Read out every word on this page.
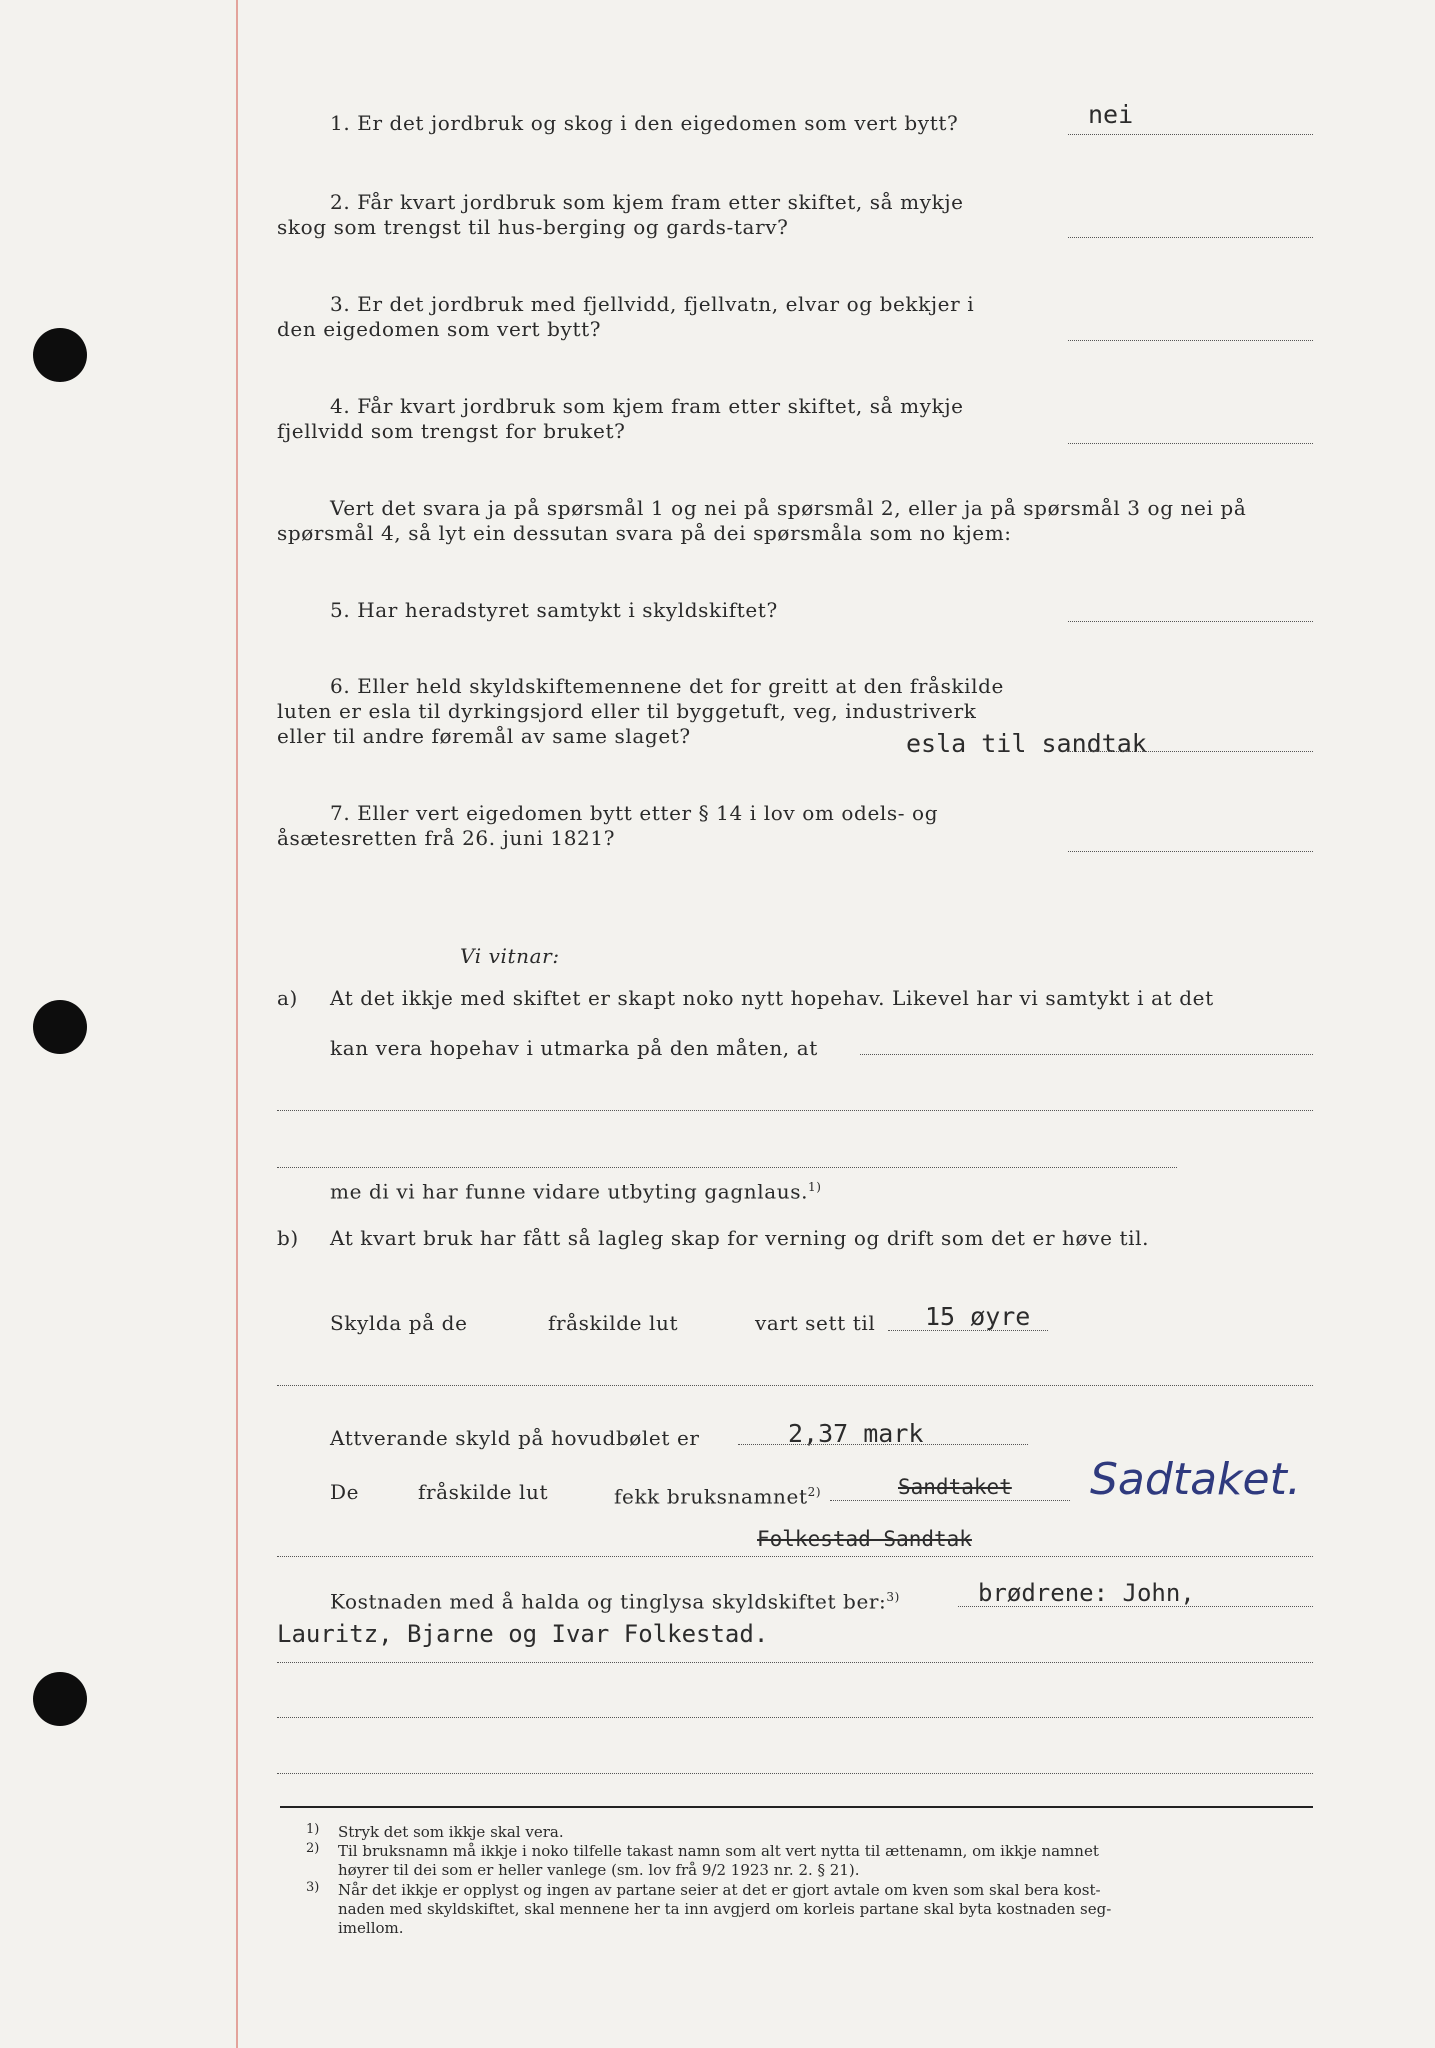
1. Er det jordbruk og skog i den eigedomen som vert bytt?	nei
2. Får kvart jordbruk som kjem fram etter skiftet, så mykje
skog som trengst til hus-berging og gards-tarv?
3. Er det jordbruk med fjellvidd, fjellvatn, elvar og bekkjer i
den eigedomen som vert bytt?
4. Får kvart jordbruk som kjem fram etter skiftet, så mykje
fjellvidd som trengst for bruket?
Vert det svara ja på spørsmål 1 og nei på spørsmål 2, eller ja på spørsmål 3 og nei på
spørsmål 4, så lyt ein dessutan svara på dei spørsmåla som no kjem:
5. Har heradstyret samtykt i skyldskiftet?
6. Eller held skyldskiftemennene det for greitt at den fråskilde
luten er esla til dyrkingsjord eller til byggetuft, veg, industriverk
eller til andre føremål av same slaget?	esla til sandtak
7. Eller vert eigedomen bytt etter § 14 i lov om odels- og
åsætesretten frå 26. juni 1821?
Vi vitnar:
a) At det ikkje med skiftet er skapt noko nytt hopehav. Likevel har vi samtykt i at det
kan vera hopehav i utmarka på den måten, at
me di vi har funne vidare utbyting gagnlaus.$^{1)}$
b) At kvart bruk har fått så lagleg skap for verning og drift som det er høve til.
Skylda på de	fråskilde lut	vart sett til 15 øyre
Attverande skyld på hovudbølet er	2,37 mark
De	fråskilde lut	fekk bruksnamnet$^{2)}$	Sandtaket Sadtaket.
Folkestad Sandtak
Kostnaden med å halda og tinglysa skyldskiftet ber:$^{3)}$	brødrene: John,
Lauritz, Bjarne og Ivar Folkestad.
1) Stryk det som ikkje skal vera.
2) Til bruksnamn må ikkje i noko tilfelle takast namn som alt vert nytta til ættenamn, om ikkje namnet
høyrer til dei som er heller vanlege (sm. lov frå 9/2 1923 nr. 2. § 21).
3) Når det ikkje er opplyst og ingen av partane seier at det er gjort avtale om kven som skal bera kost-
naden med skyldskiftet, skal mennene her ta inn avgjerd om korleis partane skal byta kostnaden seg-
imellom.
